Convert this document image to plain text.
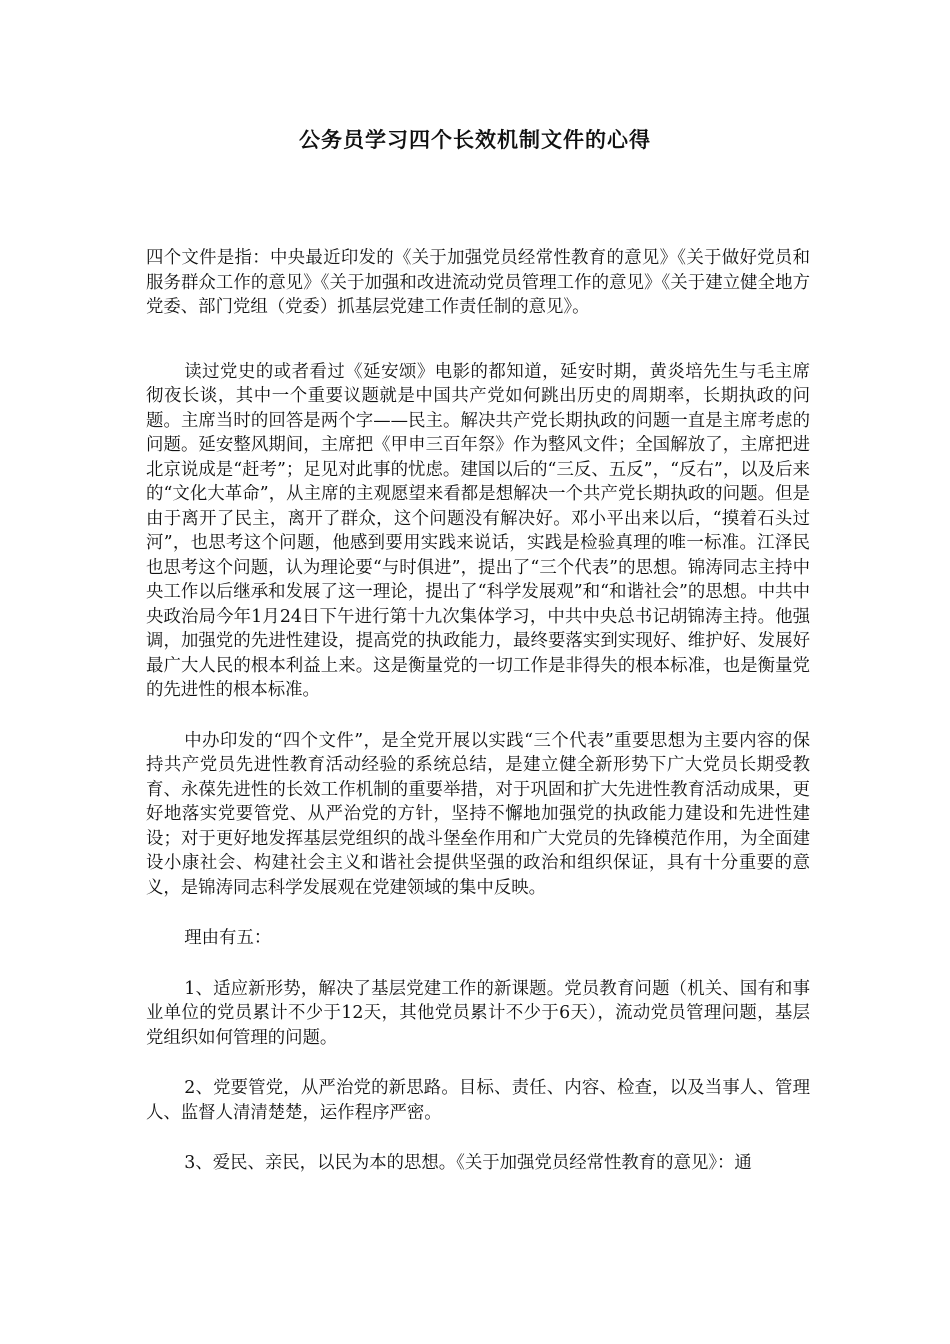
公务员学习四个长效机制文件的心得

四个文件是指：中央最近印发的《关于加强党员经常性教育的意见》《关于做好党员和服务群众工作的意见》《关于加强和改进流动党员管理工作的意见》《关于建立健全地方党委、部门党组（党委）抓基层党建工作责任制的意见》。

读过党史的或者看过《延安颂》电影的都知道，延安时期，黄炎培先生与毛主席彻夜长谈，其中一个重要议题就是中国共产党如何跳出历史的周期率，长期执政的问题。主席当时的回答是两个字——民主。解决共产党长期执政的问题一直是主席考虑的问题。延安整风期间，主席把《甲申三百年祭》作为整风文件；全国解放了，主席把进北京说成是“赶考”；足见对此事的忧虑。建国以后的“三反、五反”，“反右”，以及后来的“文化大革命”，从主席的主观愿望来看都是想解决一个共产党长期执政的问题。但是由于离开了民主，离开了群众，这个问题没有解决好。邓小平出来以后，“摸着石头过河”，也思考这个问题，他感到要用实践来说话，实践是检验真理的唯一标准。江泽民也思考这个问题，认为理论要“与时俱进”，提出了“三个代表”的思想。锦涛同志主持中央工作以后继承和发展了这一理论，提出了“科学发展观”和“和谐社会”的思想。中共中央政治局今年1月24日下午进行第十九次集体学习，中共中央总书记胡锦涛主持。他强调，加强党的先进性建设，提高党的执政能力，最终要落实到实现好、维护好、发展好最广大人民的根本利益上来。这是衡量党的一切工作是非得失的根本标准，也是衡量党的先进性的根本标准。

中办印发的“四个文件”，是全党开展以实践“三个代表”重要思想为主要内容的保持共产党员先进性教育活动经验的系统总结，是建立健全新形势下广大党员长期受教育、永葆先进性的长效工作机制的重要举措，对于巩固和扩大先进性教育活动成果，更好地落实党要管党、从严治党的方针，坚持不懈地加强党的执政能力建设和先进性建设；对于更好地发挥基层党组织的战斗堡垒作用和广大党员的先锋模范作用，为全面建设小康社会、构建社会主义和谐社会提供坚强的政治和组织保证，具有十分重要的意义，是锦涛同志科学发展观在党建领域的集中反映。

理由有五：

1、适应新形势，解决了基层党建工作的新课题。党员教育问题（机关、国有和事业单位的党员累计不少于12天，其他党员累计不少于6天），流动党员管理问题，基层党组织如何管理的问题。

2、党要管党，从严治党的新思路。目标、责任、内容、检查，以及当事人、管理人、监督人清清楚楚，运作程序严密。

3、爱民、亲民，以民为本的思想。《关于加强党员经常性教育的意见》：通
